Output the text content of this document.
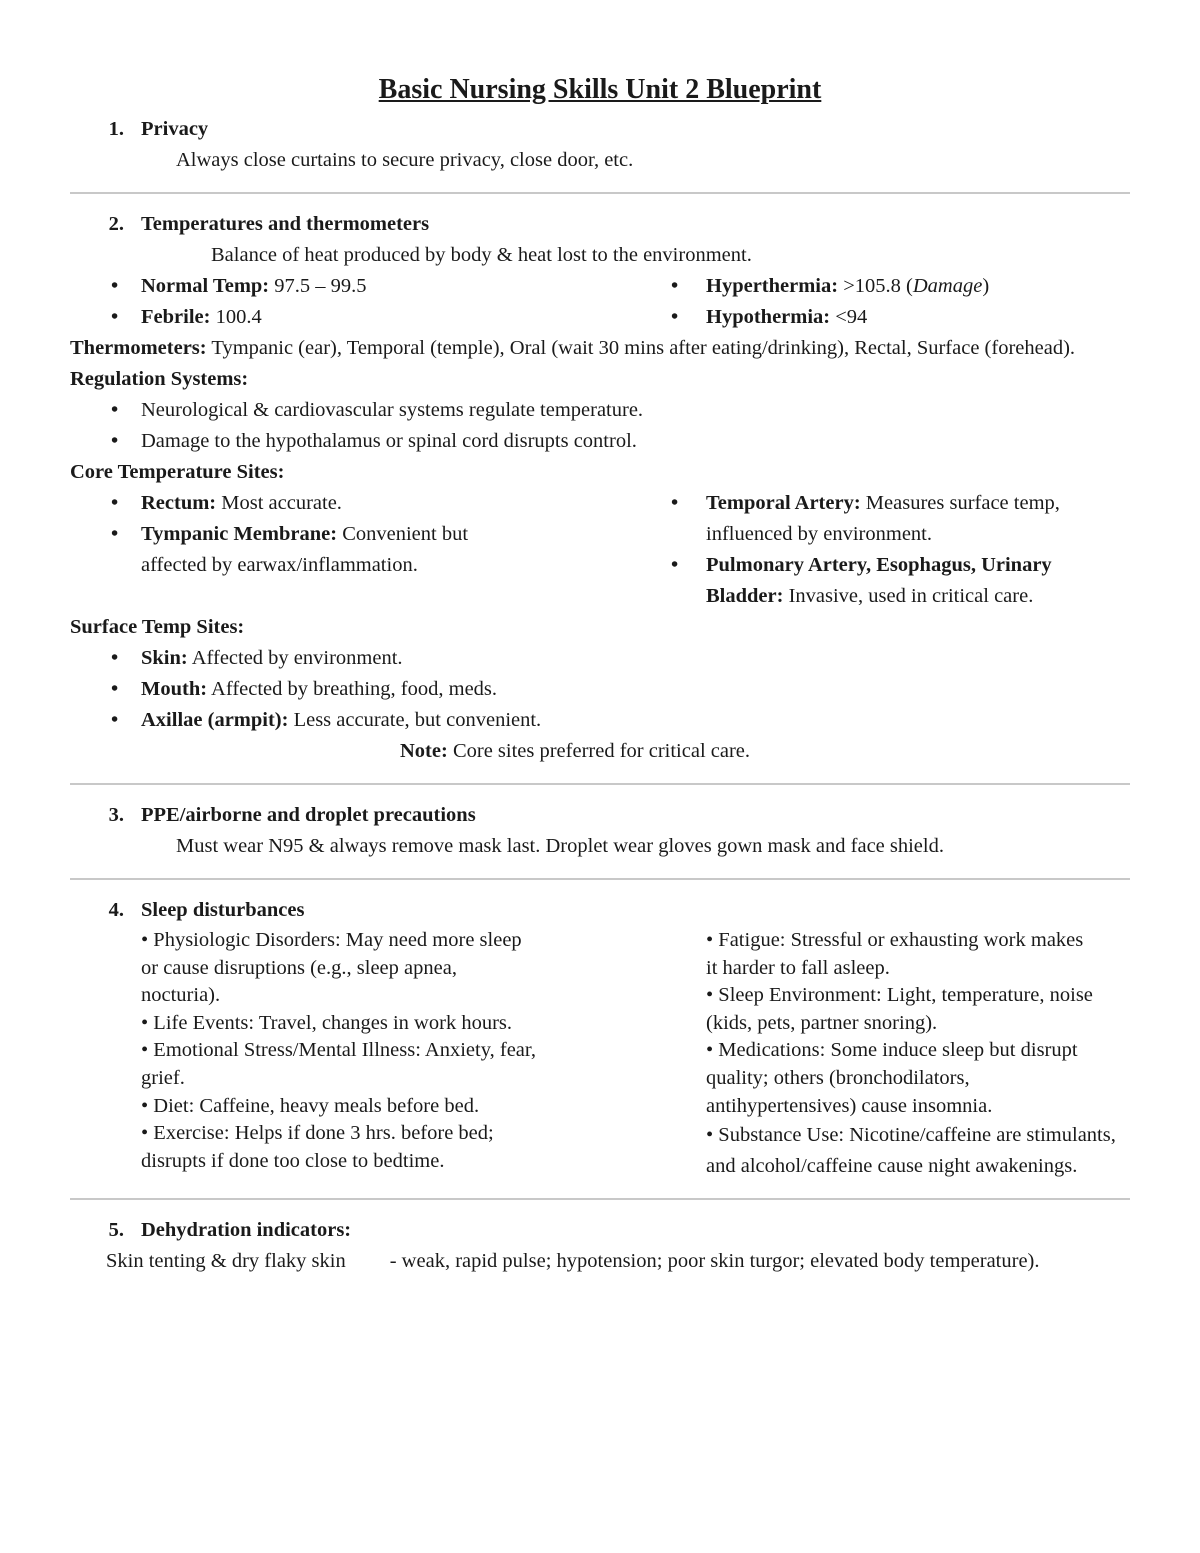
Basic Nursing Skills Unit 2 Blueprint
1. Privacy
Always close curtains to secure privacy, close door, etc.
2. Temperatures and thermometers
Balance of heat produced by body & heat lost to the environment.
• Normal Temp: 97.5 – 99.5
• Febrile: 100.4
• Hyperthermia: >105.8 (Damage)
• Hypothermia: <94
Thermometers: Tympanic (ear), Temporal (temple), Oral (wait 30 mins after eating/drinking), Rectal, Surface (forehead).
Regulation Systems:
• Neurological & cardiovascular systems regulate temperature.
• Damage to the hypothalamus or spinal cord disrupts control.
Core Temperature Sites:
• Rectum: Most accurate.
• Tympanic Membrane: Convenient but affected by earwax/inflammation.
• Temporal Artery: Measures surface temp, influenced by environment.
• Pulmonary Artery, Esophagus, Urinary Bladder: Invasive, used in critical care.
Surface Temp Sites:
• Skin: Affected by environment.
• Mouth: Affected by breathing, food, meds.
• Axillae (armpit): Less accurate, but convenient.
Note: Core sites preferred for critical care.
3. PPE/airborne and droplet precautions
Must wear N95 & always remove mask last. Droplet wear gloves gown mask and face shield.
4. Sleep disturbances
• Physiologic Disorders: May need more sleep or cause disruptions (e.g., sleep apnea, nocturia).
• Life Events: Travel, changes in work hours.
• Emotional Stress/Mental Illness: Anxiety, fear, grief.
• Diet: Caffeine, heavy meals before bed.
• Exercise: Helps if done 3 hrs. before bed; disrupts if done too close to bedtime.
• Fatigue: Stressful or exhausting work makes it harder to fall asleep.
• Sleep Environment: Light, temperature, noise (kids, pets, partner snoring).
• Medications: Some induce sleep but disrupt quality; others (bronchodilators, antihypertensives) cause insomnia.
• Substance Use: Nicotine/caffeine are stimulants, and alcohol/caffeine cause night awakenings.
5. Dehydration indicators:
Skin tenting & dry flaky skin - weak, rapid pulse; hypotension; poor skin turgor; elevated body temperature).
